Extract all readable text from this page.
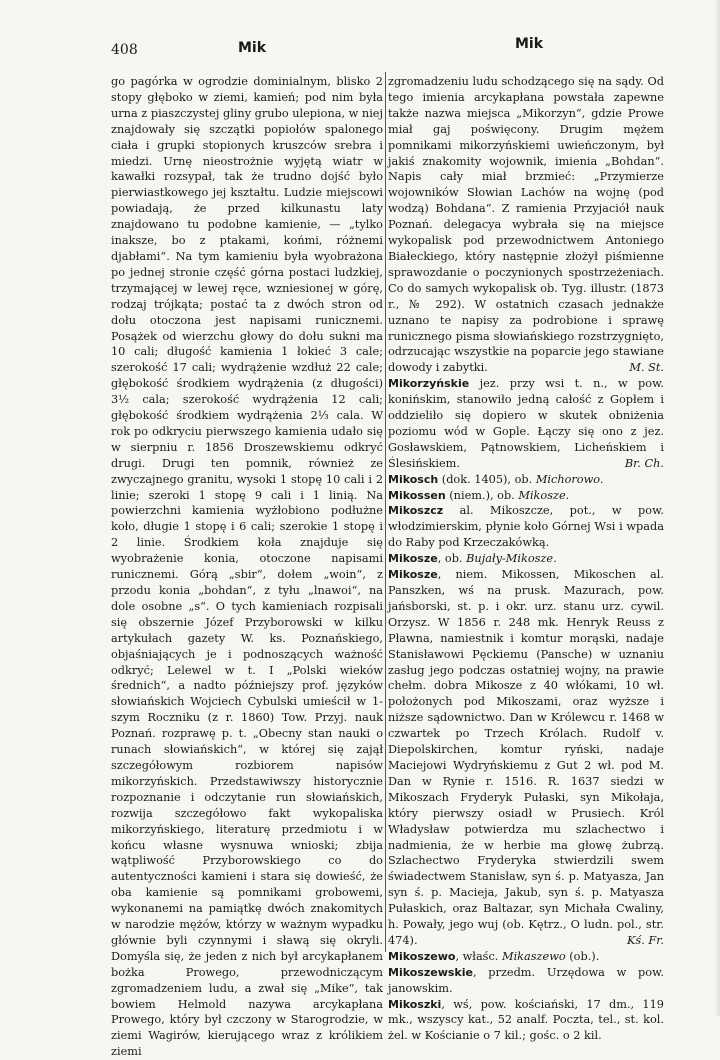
408	Mik	Mik

go pagórka w ogrodzie dominialnym, blisko 2 stopy głęboko w ziemi, kamień; pod nim była urna z piaszczystej gliny grubo ulepiona, w niej znajdowały się szczątki popiołów spalonego ciała i grupki stopionych kruszców srebra i miedzi. Urnę nieostrożnie wyjętą wiatr w kawałki rozsypał, tak że trudno dojść było pierwiastkowego jej kształtu. Ludzie miejscowi powiadają, że przed kilkunastu laty znajdowano tu podobne kamienie, — „tylko inaksze, bo z ptakami, końmi, różnemi djabłami“. Na tym kamieniu była wyobrażona po jednej stronie część górna postaci ludzkiej, trzymającej w lewej ręce, wzniesionej w górę, rodzaj trójkąta; postać ta z dwóch stron od dołu otoczona jest napisami runicznemi. Posążek od wierzchu głowy do dołu sukni ma 10 cali; długość kamienia 1 łokieć 3 cale; szerokość 17 cali; wydrążenie wzdłuż 22 cale; głębokość środkiem wydrążenia (z długości) 3½ cala; szerokość wydrążenia 12 cali; głębokość środkiem wydrążenia 2⅓ cala. W rok po odkryciu pierwszego kamienia udało się w sierpniu r. 1856 Droszewskiemu odkryć drugi. Drugi ten pomnik, również ze zwyczajnego granitu, wysoki 1 stopę 10 cali i 2 linie; szeroki 1 stopę 9 cali i 1 linią. Na powierzchni kamienia wyżłobiono podłużne koło, długie 1 stopę i 6 cali; szerokie 1 stopę i 2 linie. Środkiem koła znajduje się wyobrażenie konia, otoczone napisami runicznemi. Górą „sbir“, dołem „woin“, z przodu konia „bohdan“, z tyłu „lnawoi“, na dole osobne „s“. O tych kamieniach rozpisali się obszernie Józef Przyborowski w kilku artykułach gazety W. ks. Poznańskiego, objaśniających je i podnoszących ważność odkryć; Lelewel w t. I „Polski wieków średnich“, a nadto późniejszy prof. języków słowiańskich Wojciech Cybulski umieścił w 1-szym Roczniku (z r. 1860) Tow. Przyj. nauk Poznań. rozprawę p. t. „Obecny stan nauki o runach słowiańskich“, w której się zajął szczegółowym rozbiorem napisów mikorzyńskich. Przedstawiwszy historycznie rozpoznanie i odczytanie run słowiańskich, rozwija szczegółowo fakt wykopaliska mikorzyńskiego, literaturę przedmiotu i w końcu własne wysnuwa wnioski; zbija wątpliwość Przyborowskiego co do autentyczności kamieni i stara się dowieść, że oba kamienie są pomnikami grobowemi, wykonanemi na pamiątkę dwóch znakomitych w narodzie mężów, którzy w ważnym wypadku głównie byli czynnymi i sławą się okryli. Domyśla się, że jeden z nich był arcykapłanem bożka Prowego, przewodniczącym zgromadzeniem ludu, a zwał się „Mike“, tak bowiem Helmold nazywa arcykapłana Prowego, który był czczony w Starogrodzie, w ziemi Wagirów, kierującego wraz z królikiem ziemi

zgromadzeniu ludu schodzącego się na sądy. Od tego imienia arcykapłana powstała zapewne także nazwa miejsca „Mikorzyn“, gdzie Prowe miał gaj poświęcony. Drugim mężem pomnikami mikorzyńskiemi uwieńczonym, był jakiś znakomity wojownik, imienia „Bohdan“. Napis cały miał brzmieć: „Przymierze wojowników Słowian Lachów na wojnę (pod wodzą) Bohdana“. Z ramienia Przyjaciół nauk Poznań. delegacya wybrała się na miejsce wykopalisk pod przewodnictwem Antoniego Białeckiego, który następnie złożył piśmienne sprawozdanie o poczynionych spostrzeżeniach. Co do samych wykopalisk ob. Tyg. illustr. (1873 r., № 292). W ostatnich czasach jednakże uznano te napisy za podrobione i sprawę runicznego pisma słowiańskiego rozstrzygnięto, odrzucając wszystkie na poparcie jego stawiane dowody i zabytki.	M. St.

Mikorzyńskie jez. przy wsi t. n., w pow. konińskim, stanowiło jedną całość z Gopłem i oddzieliło się dopiero w skutek obniżenia poziomu wód w Gople. Łączy się ono z jez. Gosławskiem, Pątnowskiem, Licheńskiem i Ślesińskiem.	Br. Ch.

Mikosch (dok. 1405), ob. Michorowo.

Mikossen (niem.), ob. Mikosze.

Mikoszcz al. Mikoszcze, pot., w pow. włodzimierskim, płynie koło Górnej Wsi i wpada do Raby pod Krzeczakówką.

Mikosze, ob. Bujały-Mikosze.

Mikosze, niem. Mikossen, Mikoschen al. Panszken, wś na prusk. Mazurach, pow. jańsborski, st. p. i okr. urz. stanu urz. cywil. Orzysz. W 1856 r. 248 mk. Henryk Reuss z Pławna, namiestnik i komtur morąski, nadaje Stanisławowi Pęckiemu (Pansche) w uznaniu zasług jego podczas ostatniej wojny, na prawie chełm. dobra Mikosze z 40 włókami, 10 wł. położonych pod Mikoszami, oraz wyższe i niższe sądownictwo. Dan w Królewcu r. 1468 w czwartek po Trzech Królach. Rudolf v. Diepolskirchen, komtur ryński, nadaje Maciejowi Wydryńskiemu z Gut 2 wł. pod M. Dan w Rynie r. 1516. R. 1637 siedzi w Mikoszach Fryderyk Pułaski, syn Mikołaja, który pierwszy osiadł w Prusiech. Król Władysław potwierdza mu szlachectwo i nadmienia, że w herbie ma głowę żubrzą. Szlachectwo Fryderyka stwierdzili swem świadectwem Stanisław, syn ś. p. Matyasza, Jan syn ś. p. Macieja, Jakub, syn ś. p. Matyasza Pułaskich, oraz Baltazar, syn Michała Cwaliny, h. Powały, jego wuj (ob. Kętrz., O ludn. pol., str. 474).	Kś. Fr.

Mikoszewo, właśc. Mikaszewo (ob.).

Mikoszewskie, przedm. Urzędowa w pow. janowskim.

Mikoszki, wś, pow. kościański, 17 dm., 119 mk., wszyscy kat., 52 analf. Poczta, tel., st. kol. żel. w Kościanie o 7 kil.; gośc. o 2 kil.
